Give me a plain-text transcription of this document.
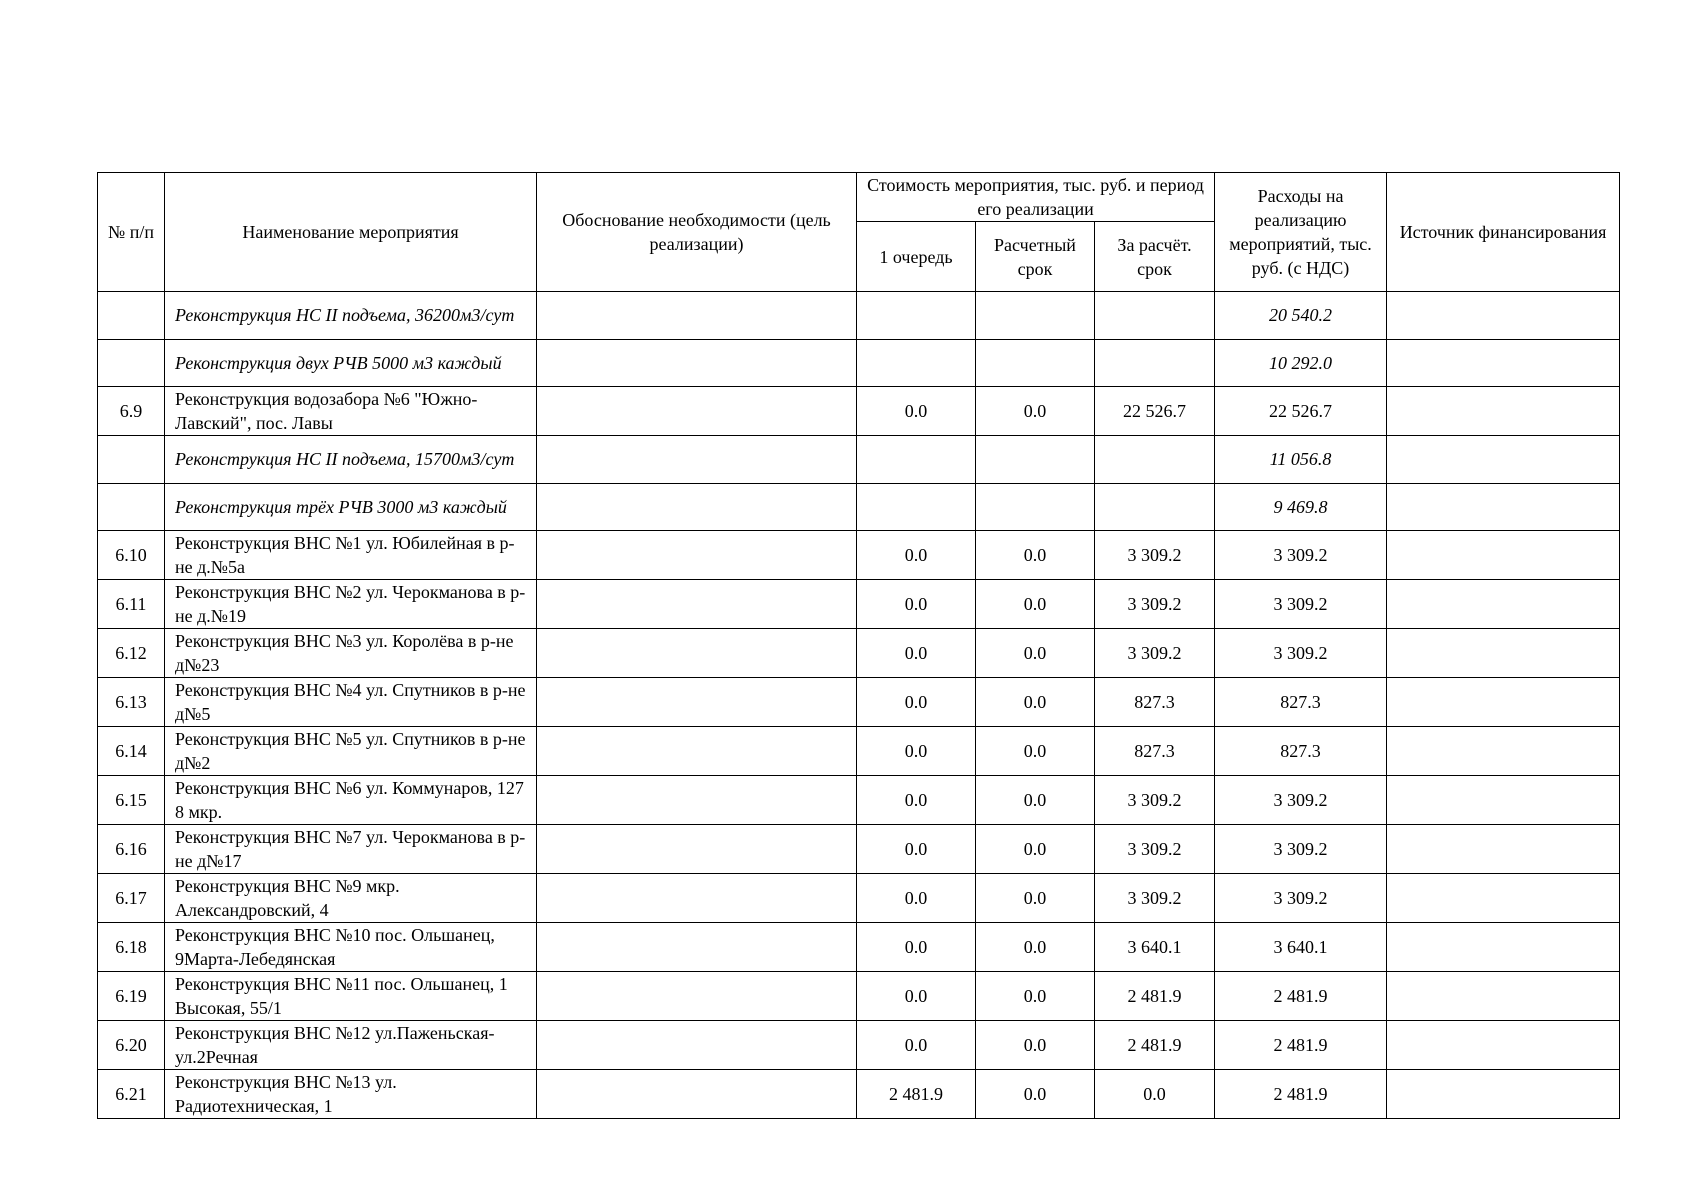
№ п/п	Наименование мероприятия	Обоснование необходимости (цель реализации)	Стоимость мероприятия, тыс. руб. и период его реализации			Расходы на реализацию мероприятий, тыс. руб. (с НДС)	Источник финансирования
			1 очередь	Расчетный срок	За расчёт. срок		
	Реконструкция НС II подъема, 36200м3/сут					20 540.2	
	Реконструкция двух РЧВ 5000 м3 каждый					10 292.0	
6.9	Реконструкция водозабора №6 "Южно-Лавский", пос. Лавы		0.0	0.0	22 526.7	22 526.7	
	Реконструкция НС II подъема, 15700м3/сут					11 056.8	
	Реконструкция трёх РЧВ 3000 м3 каждый					9 469.8	
6.10	Реконструкция ВНС №1 ул. Юбилейная в р-не д.№5а		0.0	0.0	3 309.2	3 309.2	
6.11	Реконструкция ВНС №2 ул. Черокманова в р-не д.№19		0.0	0.0	3 309.2	3 309.2	
6.12	Реконструкция ВНС №3 ул. Королёва в р-не д№23		0.0	0.0	3 309.2	3 309.2	
6.13	Реконструкция ВНС №4 ул. Спутников в р-не д№5		0.0	0.0	827.3	827.3	
6.14	Реконструкция ВНС №5 ул. Спутников в р-не д№2		0.0	0.0	827.3	827.3	
6.15	Реконструкция ВНС №6 ул. Коммунаров, 127 8 мкр.		0.0	0.0	3 309.2	3 309.2	
6.16	Реконструкция ВНС №7 ул. Черокманова в р-не д№17		0.0	0.0	3 309.2	3 309.2	
6.17	Реконструкция ВНС №9 мкр. Александровский, 4		0.0	0.0	3 309.2	3 309.2	
6.18	Реконструкция ВНС №10 пос. Ольшанец, 9Марта-Лебедянская		0.0	0.0	3 640.1	3 640.1	
6.19	Реконструкция ВНС №11 пос. Ольшанец, 1 Высокая, 55/1		0.0	0.0	2 481.9	2 481.9	
6.20	Реконструкция ВНС №12 ул.Паженьская-ул.2Речная		0.0	0.0	2 481.9	2 481.9	
6.21	Реконструкция ВНС №13 ул. Радиотехническая, 1		2 481.9	0.0	0.0	2 481.9	
